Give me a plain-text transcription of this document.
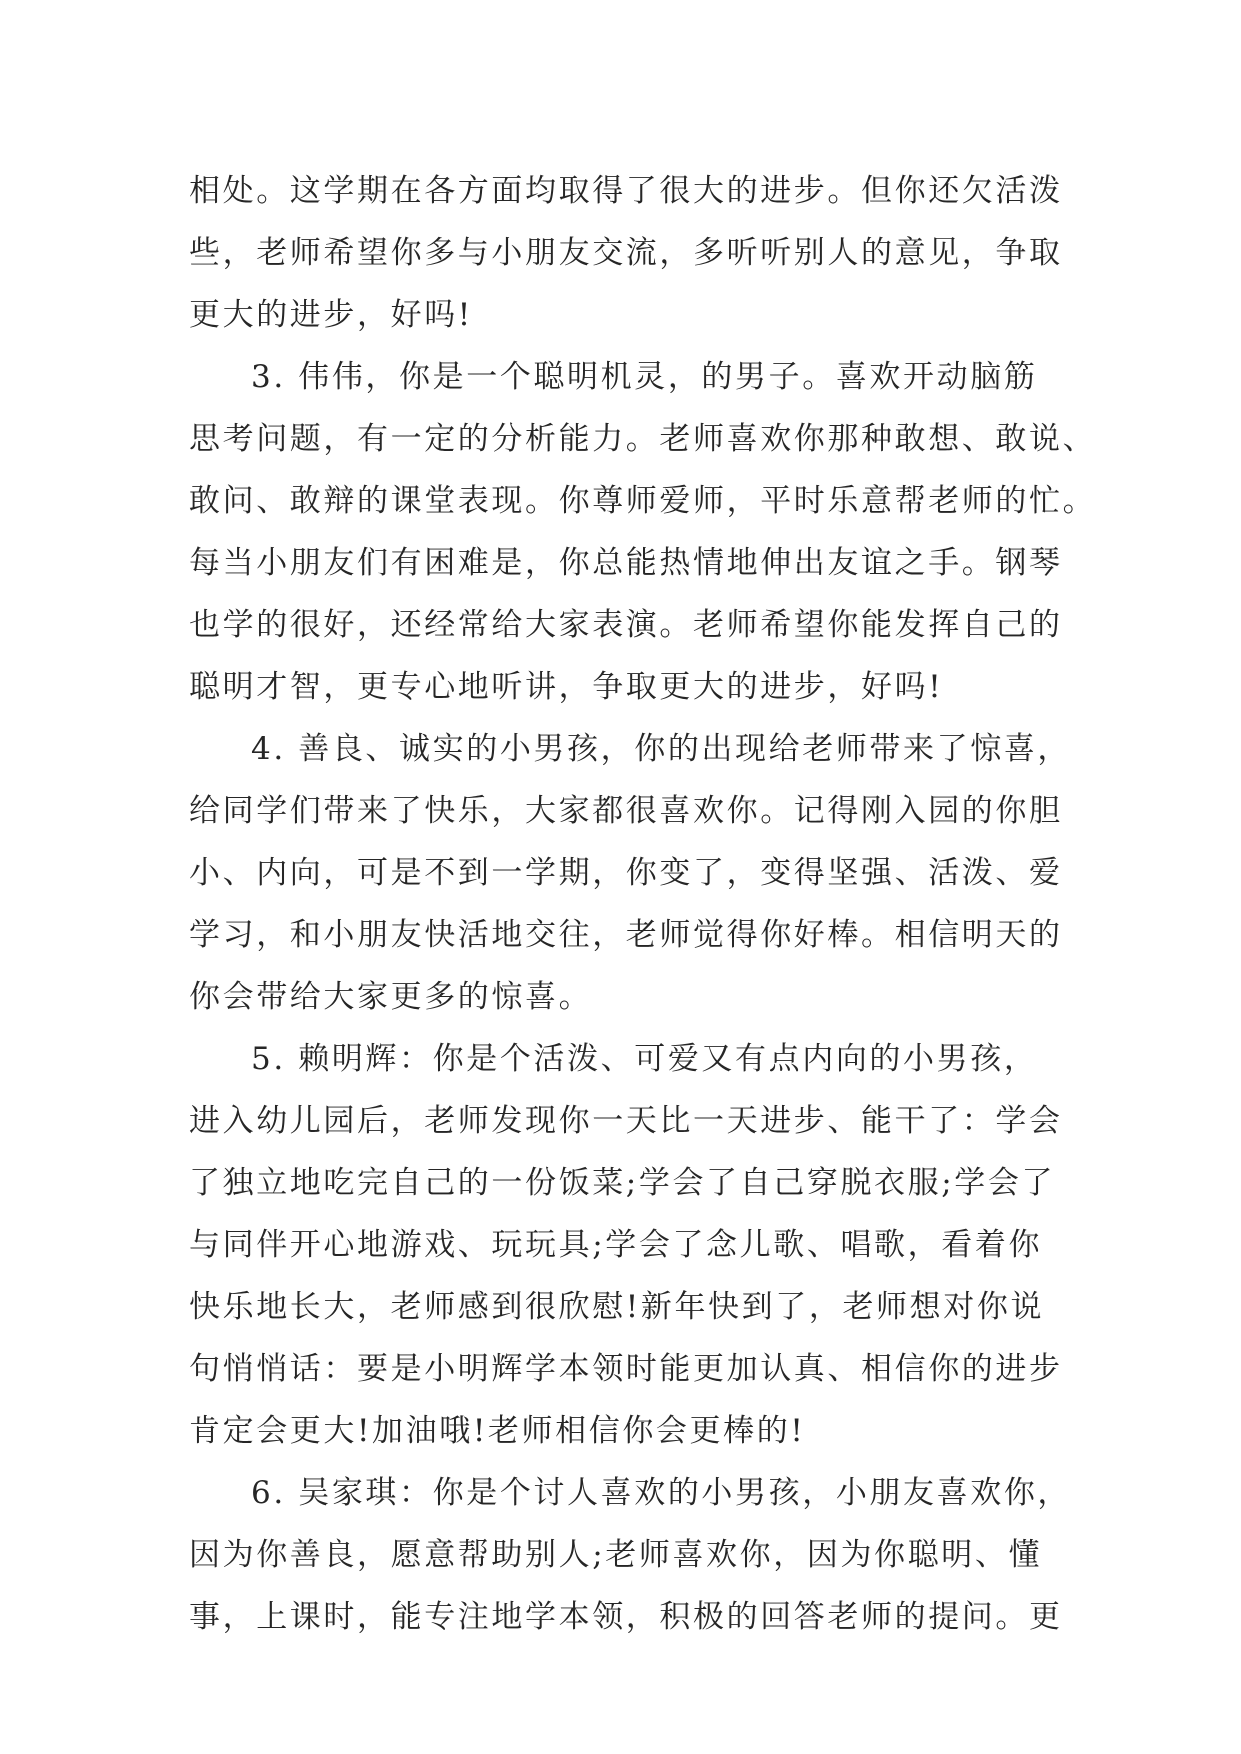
相处。这学期在各方面均取得了很大的进步。但你还欠活泼
些，老师希望你多与小朋友交流，多听听别人的意见，争取
更大的进步，好吗!
3. 伟伟，你是一个聪明机灵，的男子。喜欢开动脑筋
思考问题，有一定的分析能力。老师喜欢你那种敢想、敢说、
敢问、敢辩的课堂表现。你尊师爱师，平时乐意帮老师的忙。
每当小朋友们有困难是，你总能热情地伸出友谊之手。钢琴
也学的很好，还经常给大家表演。老师希望你能发挥自己的
聪明才智，更专心地听讲，争取更大的进步，好吗!
4. 善良、诚实的小男孩，你的出现给老师带来了惊喜，
给同学们带来了快乐，大家都很喜欢你。记得刚入园的你胆
小、内向，可是不到一学期，你变了，变得坚强、活泼、爱
学习，和小朋友快活地交往，老师觉得你好棒。相信明天的
你会带给大家更多的惊喜。
5. 赖明辉：你是个活泼、可爱又有点内向的小男孩，
进入幼儿园后，老师发现你一天比一天进步、能干了：学会
了独立地吃完自己的一份饭菜;学会了自己穿脱衣服;学会了
与同伴开心地游戏、玩玩具;学会了念儿歌、唱歌，看着你
快乐地长大，老师感到很欣慰!新年快到了，老师想对你说
句悄悄话：要是小明辉学本领时能更加认真、相信你的进步
肯定会更大!加油哦!老师相信你会更棒的!
6. 吴家琪：你是个讨人喜欢的小男孩，小朋友喜欢你，
因为你善良，愿意帮助别人;老师喜欢你，因为你聪明、懂
事，上课时，能专注地学本领，积极的回答老师的提问。更
